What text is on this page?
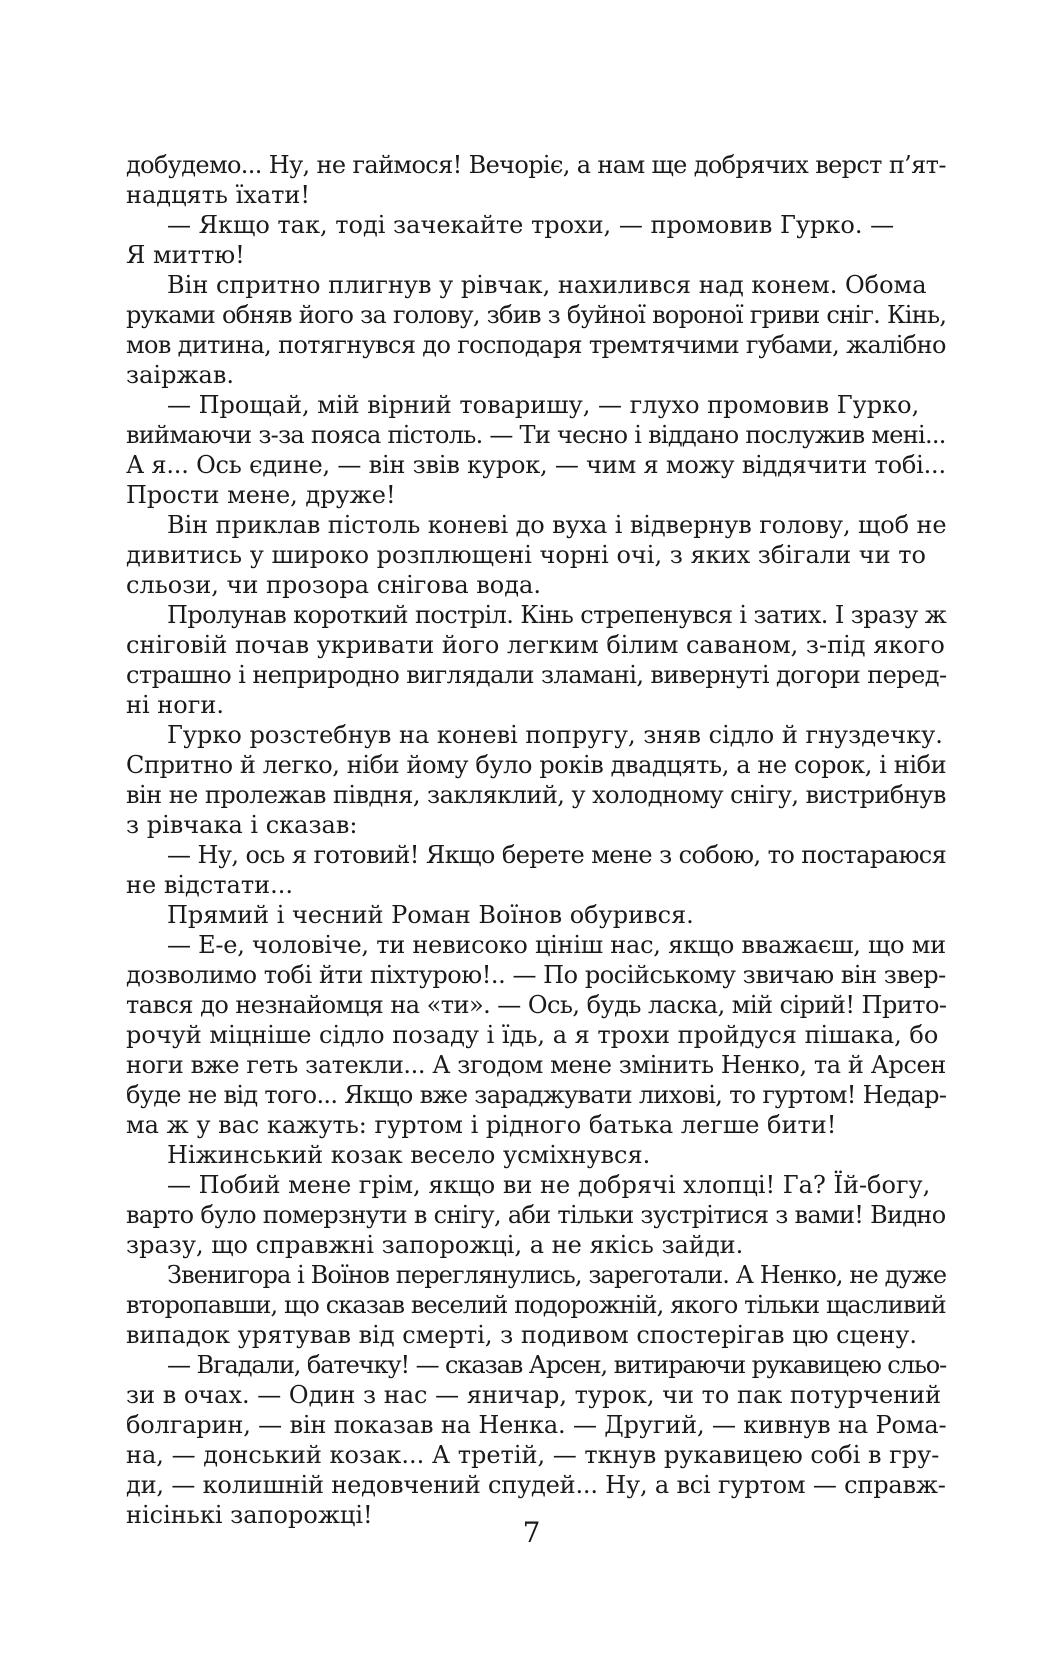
добудемо... Ну, не гаймося! Вечоріє, а нам ще добрячих верст п’ят-
надцять їхати!
— Якщо так, тоді зачекайте трохи, — промовив Гурко. —
Я миттю!
Він спритно плигнув у рівчак, нахилився над конем. Обома
руками обняв його за голову, збив з буйної вороної гриви сніг. Кінь,
мов дитина, потягнувся до господаря тремтячими губами, жалібно
заіржав.
— Прощай, мій вірний товаришу, — глухо промовив Гурко,
виймаючи з-за пояса пістоль. — Ти чесно і віддано послужив мені...
А я... Ось єдине, — він звів курок, — чим я можу віддячити тобі...
Прости мене, друже!
Він приклав пістоль коневі до вуха і відвернув голову, щоб не
дивитись у широко розплющені чорні очі, з яких збігали чи то
сльози, чи прозора снігова вода.
Пролунав короткий постріл. Кінь стрепенувся і затих. І зразу ж
сніговій почав укривати його легким білим саваном, з-під якого
страшно і неприродно виглядали зламані, вивернуті догори перед-
ні ноги.
Гурко розстебнув на коневі попругу, зняв сідло й гнуздечку.
Спритно й легко, ніби йому було років двадцять, а не сорок, і ніби
він не пролежав півдня, закляклий, у холодному снігу, вистрибнув
з рівчака і сказав:
— Ну, ось я готовий! Якщо берете мене з собою, то постараюся
не відстати...
Прямий і чесний Роман Воїнов обурився.
— Е-е, чоловіче, ти невисоко цініш нас, якщо вважаєш, що ми
дозволимо тобі йти піхтурою!.. — По російському звичаю він звер-
тався до незнайомця на «ти». — Ось, будь ласка, мій сірий! Прито-
рочуй міцніше сідло позаду і їдь, а я трохи пройдуся пішака, бо
ноги вже геть затекли... А згодом мене змінить Ненко, та й Арсен
буде не від того... Якщо вже зараджувати лихові, то гуртом! Недар-
ма ж у вас кажуть: гуртом і рідного батька легше бити!
Ніжинський козак весело усміхнувся.
— Побий мене грім, якщо ви не добрячі хлопці! Га? Їй-богу,
варто було померзнути в снігу, аби тільки зустрітися з вами! Видно
зразу, що справжні запорожці, а не якісь зайди.
Звенигора і Воїнов переглянулись, зареготали. А Ненко, не дуже
второпавши, що сказав веселий подорожній, якого тільки щасливий
випадок урятував від смерті, з подивом спостерігав цю сцену.
— Вгадали, батечку! — сказав Арсен, витираючи рукавицею сльо-
зи в очах. — Один з нас — яничар, турок, чи то пак потурчений
болгарин, — він показав на Ненка. — Другий, — кивнув на Рома-
на, — донський козак... А третій, — ткнув рукавицею собі в гру-
ди, — колишній недовчений спудей... Ну, а всі гуртом — справж-
нісінькі запорожці!
7
